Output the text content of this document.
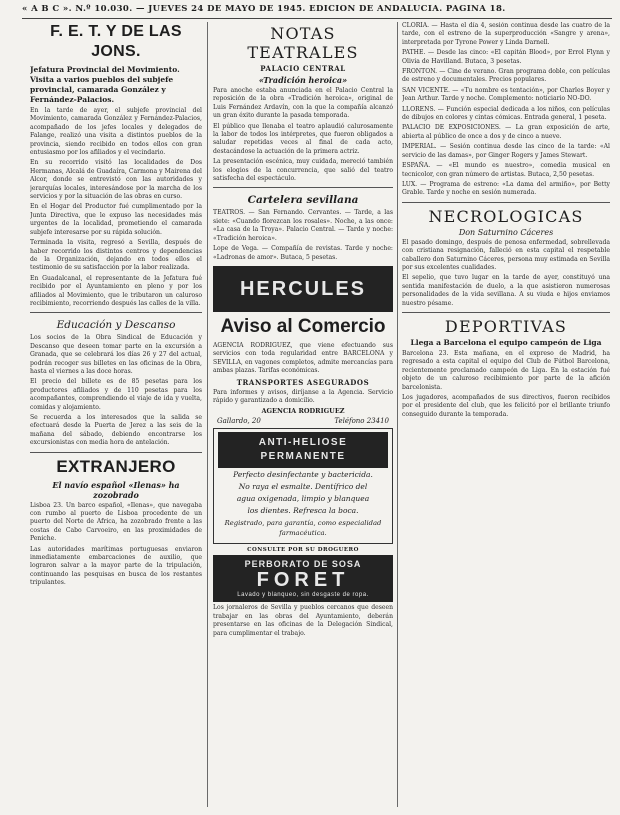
« A B C ». N.º 10.030. — JUEVES 24 DE MAYO DE 1945. EDICION DE ANDALUCIA. PAGINA 18.
F. E. T. Y DE LAS JONS.
Jefatura Provincial del Movimiento. Visita a varios pueblos del subjefe provincial, camarada González y Fernández-Palacios.

En la tarde de ayer, el subjefe provincial del Movimiento, camarada González y Fernández-Palacios, acompañado de los jefes locales y delegados de Falange, realizó una visita a distintos pueblos de la provincia, siendo recibido en todos ellos con gran entusiasmo por los afiliados y el vecindario.

En su recorrido visitó las localidades de Dos Hermanas, Alcalá de Guadaíra, Carmona y Mairena del Alcor, donde se entrevistó con las autoridades y jerarquías locales, interesándose por la marcha de los servicios y por la situación de las obras en curso.

En el Hogar del Productor fué cumplimentado por la Junta Directiva, que le expuso las necesidades más urgentes de la localidad, prometiendo el camarada subjefe interesarse por su rápida solución.

Terminada la visita, regresó a Sevilla, después de haber recorrido los distintos centros y dependencias de la Organización, dejando en todos ellos el testimonio de su satisfacción por la labor realizada.

En Guadalcanal, el representante de la Jefatura fué recibido por el Ayuntamiento en pleno y por los afiliados al Movimiento, que le tributaron un caluroso recibimiento, recorriendo después las calles de la villa.

Educación y Descanso

Los socios de la Obra Sindical de Educación y Descanso que deseen tomar parte en la excursión a Granada, que se celebrará los días 26 y 27 del actual, podrán recoger sus billetes en las oficinas de la Obra, hasta el viernes a las doce horas.

El precio del billete es de 85 pesetas para los productores afiliados y de 110 pesetas para los acompañantes, comprendiendo el viaje de ida y vuelta, comidas y alojamiento.

Se recuerda a los interesados que la salida se efectuará desde la Puerta de Jerez a las seis de la mañana del sábado, debiendo encontrarse los excursionistas con media hora de antelación.

EXTRANJERO
El navío español «Ilenas» ha zozobrado

Lisboa 23. Un barco español, «Ilenas», que navegaba con rumbo al puerto de Lisboa procedente de un puerto del Norte de Africa, ha zozobrado frente a las costas de Cabo Carvoeiro, en las proximidades de Peniche.

Las autoridades marítimas portuguesas enviaron inmediatamente embarcaciones de auxilio, que lograron salvar a la mayor parte de la tripulación, continuando las pesquisas en busca de los restantes tripulantes.

NOTAS TEATRALES
PALACIO CENTRAL
«Tradición heroica»

Para anoche estaba anunciada en el Palacio Central la reposición de la obra «Tradición heroica», original de Luis Fernández Ardavín, con la que la compañía alcanzó un gran éxito durante la pasada temporada.

El público que llenaba el teatro aplaudió calurosamente la labor de todos los intérpretes, que fueron obligados a saludar repetidas veces al final de cada acto, destacándose la actuación de la primera actriz.

La presentación escénica, muy cuidada, mereció también los elogios de la concurrencia, que salió del teatro satisfecha del espectáculo.

Cartelera sevillana

TEATROS. — San Fernando. Cervantes. — Tarde, a las siete: «Cuando florezcan los rosales». Noche, a las once: «La casa de la Troya». Palacio Central. — Tarde y noche: «Tradición heroica».

Lope de Vega. — Compañía de revistas. Tarde y noche: «Ladronas de amor». Butaca, 5 pesetas.

HERCULES
Aviso al Comercio

AGENCIA RODRIGUEZ, que viene efectuando sus servicios con toda regularidad entre BARCELONA y SEVILLA, en vagones completos, admite mercancías para ambas plazas. Tarifas económicas.

TRANSPORTES ASEGURADOS

Para informes y avisos, diríjanse a la Agencia. Servicio rápido y garantizado a domicilio.

AGENCIA RODRIGUEZ
Gallardo, 20	Teléfono 23410
ANTI-HELIOSE PERMANENTE
Perfecto desinfectante y bactericida.
No raya el esmalte. Dentífrico del
agua oxigenada, limpio y blanquea
los dientes. Refresca la boca.
Registrado, para garantía, como especialidad farmacéutica.
CONSULTE POR SU DROGUERO
PERBORATO DE SOSA
FORET
Lavado y blanqueo, sin desgaste de ropa.

Los jornaleros de Sevilla y pueblos cercanos que deseen trabajar en las obras del Ayuntamiento, deberán presentarse en las oficinas de la Delegación Sindical, para cumplimentar el trabajo.

CLORIA. — Hasta el día 4, sesión continua desde las cuatro de la tarde, con el estreno de la superproducción «Sangre y arena», interpretada por Tyrone Power y Linda Darnell.

PATHE. — Desde las cinco: «El capitán Blood», por Errol Flynn y Olivia de Havilland. Butaca, 3 pesetas.

FRONTON. — Cine de verano. Gran programa doble, con películas de estreno y documentales. Precios populares.

SAN VICENTE. — «Tu nombre es tentación», por Charles Boyer y Jean Arthur. Tarde y noche. Complemento: noticiario NO-DO.

LLORENS. — Función especial dedicada a los niños, con películas de dibujos en colores y cintas cómicas. Entrada general, 1 peseta.

PALACIO DE EXPOSICIONES. — La gran exposición de arte, abierta al público de once a dos y de cinco a nueve.

IMPERIAL. — Sesión continua desde las cinco de la tarde: «Al servicio de las damas», por Ginger Rogers y James Stewart.

ESPAÑA. — «El mundo es nuestro», comedia musical en tecnicolor, con gran número de artistas. Butaca, 2,50 pesetas.

LUX. — Programa de estreno: «La dama del armiño», por Betty Grable. Tarde y noche en sesión numerada.

NECROLOGICAS
Don Saturnino Cáceres

El pasado domingo, después de penosa enfermedad, sobrellevada con cristiana resignación, falleció en esta capital el respetable caballero don Saturnino Cáceres, persona muy estimada en Sevilla por sus excelentes cualidades.

El sepelio, que tuvo lugar en la tarde de ayer, constituyó una sentida manifestación de duelo, a la que asistieron numerosas personalidades de la vida sevillana. A su viuda e hijos enviamos nuestro pésame.

DEPORTIVAS
Llega a Barcelona el equipo campeón de Liga

Barcelona 23. Esta mañana, en el expreso de Madrid, ha regresado a esta capital el equipo del Club de Fútbol Barcelona, recientemente proclamado campeón de Liga. En la estación fué objeto de un caluroso recibimiento por parte de la afición barcelonista.

Los jugadores, acompañados de sus directivos, fueron recibidos por el presidente del club, que les felicitó por el brillante triunfo conseguido durante la temporada.
